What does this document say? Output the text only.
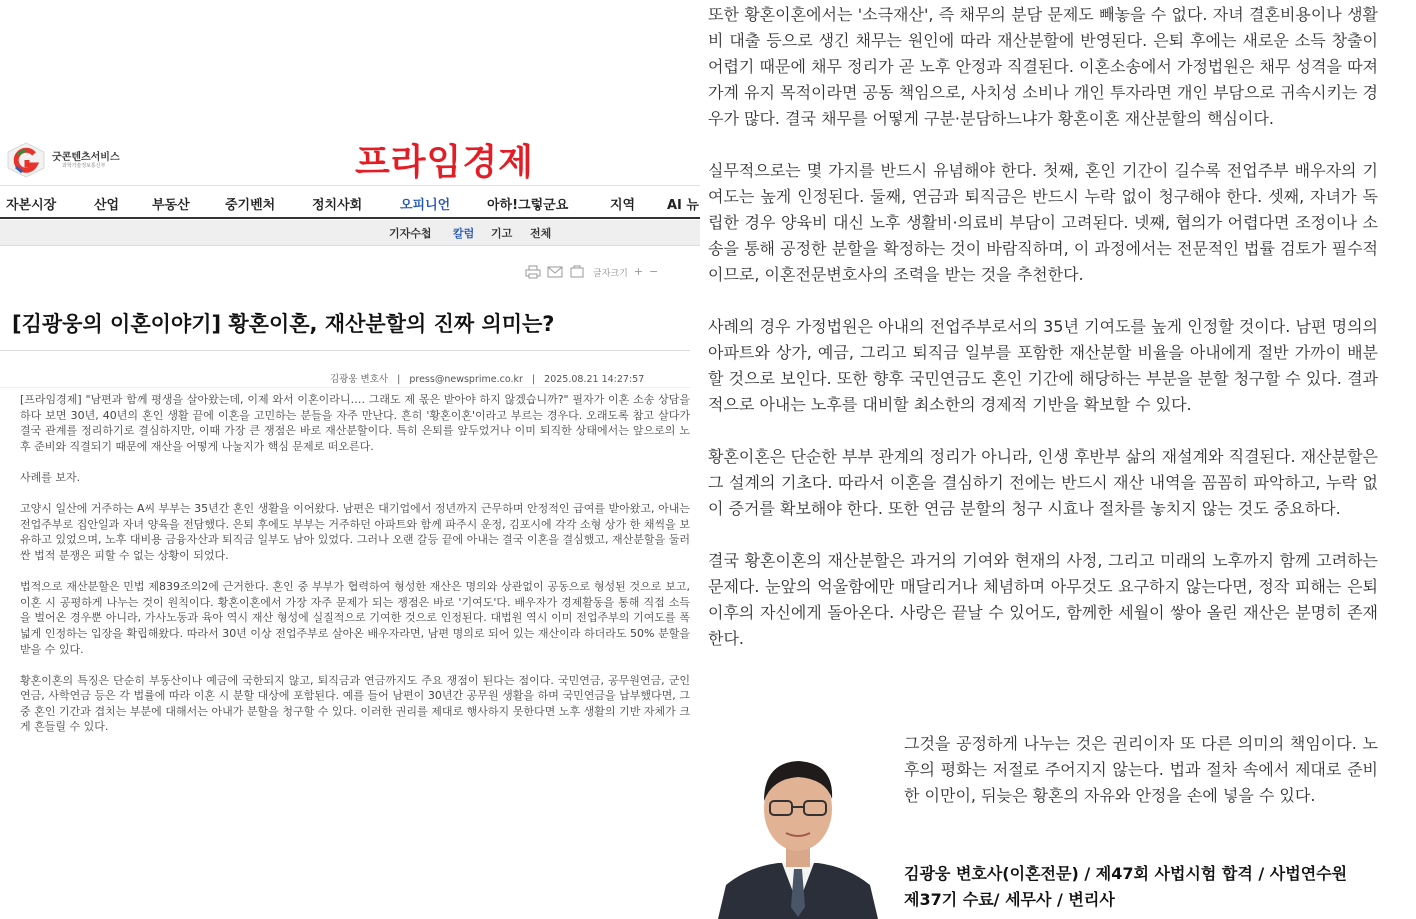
굿콘텐츠서비스
과학기술정보통신부	프라임경제
자본시장	산업	부동산	중기벤처	정치사회	오피니언	아하!그렇군요	지역 AI 뉴
기자수첩 칼럼 기고 전체
글자크기 + −
[김광웅의 이혼이야기] 황혼이혼, 재산분할의 진짜 의미는?
김광웅 변호사 | press@newsprime.co.kr | 2025.08.21 14:27:57

[프라임경제] "남편과 함께 평생을 살아왔는데, 이제 와서 이혼이라니…. 그래도 제 몫은 받아야 하지 않겠습니까?" 필자가 이혼 소송 상담을 하다 보면 30년, 40년의 혼인 생활 끝에 이혼을 고민하는 분들을 자주 만난다. 흔히 '황혼이혼'이라고 부르는 경우다. 오래도록 참고 살다가 결국 관계를 정리하기로 결심하지만, 이때 가장 큰 쟁점은 바로 재산분할이다. 특히 은퇴를 앞두었거나 이미 퇴직한 상태에서는 앞으로의 노후 준비와 직결되기 때문에 재산을 어떻게 나눌지가 핵심 문제로 떠오른다.

사례를 보자.

고양시 일산에 거주하는 A씨 부부는 35년간 혼인 생활을 이어왔다. 남편은 대기업에서 정년까지 근무하며 안정적인 급여를 받아왔고, 아내는 전업주부로 집안일과 자녀 양육을 전담했다. 은퇴 후에도 부부는 거주하던 아파트와 함께 파주시 운정, 김포시에 각각 소형 상가 한 채씩을 보유하고 있었으며, 노후 대비용 금융자산과 퇴직금 일부도 남아 있었다. 그러나 오랜 갈등 끝에 아내는 결국 이혼을 결심했고, 재산분할을 둘러싼 법적 분쟁은 피할 수 없는 상황이 되었다.

법적으로 재산분할은 민법 제839조의2에 근거한다. 혼인 중 부부가 협력하여 형성한 재산은 명의와 상관없이 공동으로 형성된 것으로 보고, 이혼 시 공평하게 나누는 것이 원칙이다. 황혼이혼에서 가장 자주 문제가 되는 쟁점은 바로 '기여도'다. 배우자가 경제활동을 통해 직접 소득을 벌어온 경우뿐 아니라, 가사노동과 육아 역시 재산 형성에 실질적으로 기여한 것으로 인정된다. 대법원 역시 이미 전업주부의 기여도를 폭넓게 인정하는 입장을 확립해왔다. 따라서 30년 이상 전업주부로 살아온 배우자라면, 남편 명의로 되어 있는 재산이라 하더라도 50% 분할을 받을 수 있다.

황혼이혼의 특징은 단순히 부동산이나 예금에 국한되지 않고, 퇴직금과 연금까지도 주요 쟁점이 된다는 점이다. 국민연금, 공무원연금, 군인연금, 사학연금 등은 각 법률에 따라 이혼 시 분할 대상에 포함된다. 예를 들어 남편이 30년간 공무원 생활을 하며 국민연금을 납부했다면, 그 중 혼인 기간과 겹치는 부분에 대해서는 아내가 분할을 청구할 수 있다. 이러한 권리를 제대로 행사하지 못한다면 노후 생활의 기반 자체가 크게 흔들릴 수 있다.

또한 황혼이혼에서는 '소극재산', 즉 채무의 분담 문제도 빼놓을 수 없다. 자녀 결혼비용이나 생활비 대출 등으로 생긴 채무는 원인에 따라 재산분할에 반영된다. 은퇴 후에는 새로운 소득 창출이 어렵기 때문에 채무 정리가 곧 노후 안정과 직결된다. 이혼소송에서 가정법원은 채무 성격을 따져 가계 유지 목적이라면 공동 책임으로, 사치성 소비나 개인 투자라면 개인 부담으로 귀속시키는 경우가 많다. 결국 채무를 어떻게 구분·분담하느냐가 황혼이혼 재산분할의 핵심이다.

실무적으로는 몇 가지를 반드시 유념해야 한다. 첫째, 혼인 기간이 길수록 전업주부 배우자의 기여도는 높게 인정된다. 둘째, 연금과 퇴직금은 반드시 누락 없이 청구해야 한다. 셋째, 자녀가 독립한 경우 양육비 대신 노후 생활비·의료비 부담이 고려된다. 넷째, 협의가 어렵다면 조정이나 소송을 통해 공정한 분할을 확정하는 것이 바람직하며, 이 과정에서는 전문적인 법률 검토가 필수적이므로, 이혼전문변호사의 조력을 받는 것을 추천한다.

사례의 경우 가정법원은 아내의 전업주부로서의 35년 기여도를 높게 인정할 것이다. 남편 명의의 아파트와 상가, 예금, 그리고 퇴직금 일부를 포함한 재산분할 비율을 아내에게 절반 가까이 배분할 것으로 보인다. 또한 향후 국민연금도 혼인 기간에 해당하는 부분을 분할 청구할 수 있다. 결과적으로 아내는 노후를 대비할 최소한의 경제적 기반을 확보할 수 있다.

황혼이혼은 단순한 부부 관계의 정리가 아니라, 인생 후반부 삶의 재설계와 직결된다. 재산분할은 그 설계의 기초다. 따라서 이혼을 결심하기 전에는 반드시 재산 내역을 꼼꼼히 파악하고, 누락 없이 증거를 확보해야 한다. 또한 연금 분할의 청구 시효나 절차를 놓치지 않는 것도 중요하다.

결국 황혼이혼의 재산분할은 과거의 기여와 현재의 사정, 그리고 미래의 노후까지 함께 고려하는 문제다. 눈앞의 억울함에만 매달리거나 체념하며 아무것도 요구하지 않는다면, 정작 피해는 은퇴 이후의 자신에게 돌아온다. 사랑은 끝날 수 있어도, 함께한 세월이 쌓아 올린 재산은 분명히 존재한다.

그것을 공정하게 나누는 것은 권리이자 또 다른 의미의 책임이다. 노후의 평화는 저절로 주어지지 않는다. 법과 절차 속에서 제대로 준비한 이만이, 뒤늦은 황혼의 자유와 안정을 손에 넣을 수 있다.
김광웅 변호사(이혼전문) / 제47회 사법시험 합격 / 사법연수원
제37기 수료/ 세무사 / 변리사
